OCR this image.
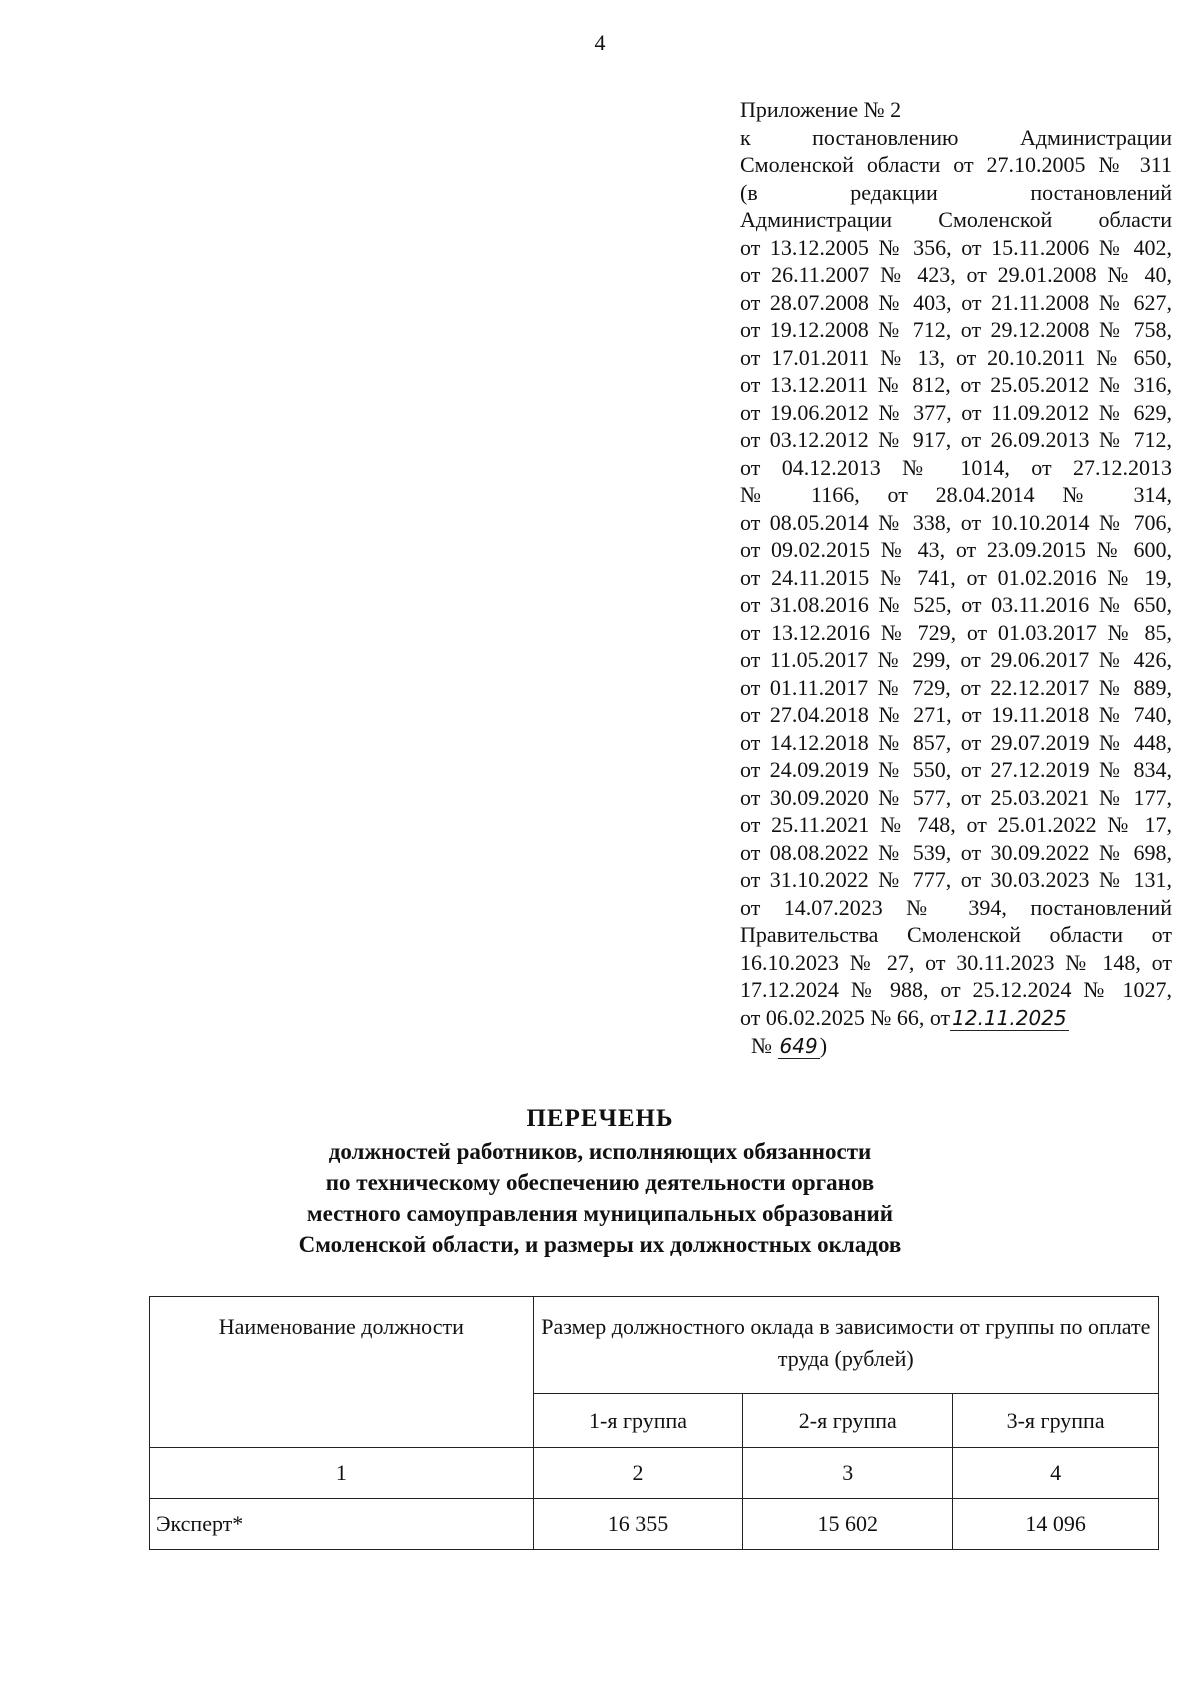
4
Приложение № 2
к постановлению Администрации
Смоленской области от 27.10.2005 № 311
(в редакции постановлений
Администрации Смоленской области
от 13.12.2005 № 356, от 15.11.2006 № 402,
от 26.11.2007 № 423, от 29.01.2008 № 40,
от 28.07.2008 № 403, от 21.11.2008 № 627,
от 19.12.2008 № 712, от 29.12.2008 № 758,
от 17.01.2011 № 13, от 20.10.2011 № 650,
от 13.12.2011 № 812, от 25.05.2012 № 316,
от 19.06.2012 № 377, от 11.09.2012 № 629,
от 03.12.2012 № 917, от 26.09.2013 № 712,
от 04.12.2013 № 1014, от 27.12.2013
№ 1166, от 28.04.2014 № 314,
от 08.05.2014 № 338, от 10.10.2014 № 706,
от 09.02.2015 № 43, от 23.09.2015 № 600,
от 24.11.2015 № 741, от 01.02.2016 № 19,
от 31.08.2016 № 525, от 03.11.2016 № 650,
от 13.12.2016 № 729, от 01.03.2017 № 85,
от 11.05.2017 № 299, от 29.06.2017 № 426,
от 01.11.2017 № 729, от 22.12.2017 № 889,
от 27.04.2018 № 271, от 19.11.2018 № 740,
от 14.12.2018 № 857, от 29.07.2019 № 448,
от 24.09.2019 № 550, от 27.12.2019 № 834,
от 30.09.2020 № 577, от 25.03.2021 № 177,
от 25.11.2021 № 748, от 25.01.2022 № 17,
от 08.08.2022 № 539, от 30.09.2022 № 698,
от 31.10.2022 № 777, от 30.03.2023 № 131,
от 14.07.2023 № 394, постановлений
Правительства Смоленской области от
16.10.2023 № 27, от 30.11.2023 № 148, от
17.12.2024 № 988, от 25.12.2024 № 1027,
от 06.02.2025 № 66, от 12.11.2025
№ 649)
ПЕРЕЧЕНЬ
должностей работников, исполняющих обязанности
по техническому обеспечению деятельности органов
местного самоуправления муниципальных образований
Смоленской области, и размеры их должностных окладов
Наименование должности	Размер должностного оклада в зависимости от группы по оплате труда (рублей)		
	1-я группа	2-я группа	3-я группа
1	2	3	4
Эксперт*	16 355	15 602	14 096
